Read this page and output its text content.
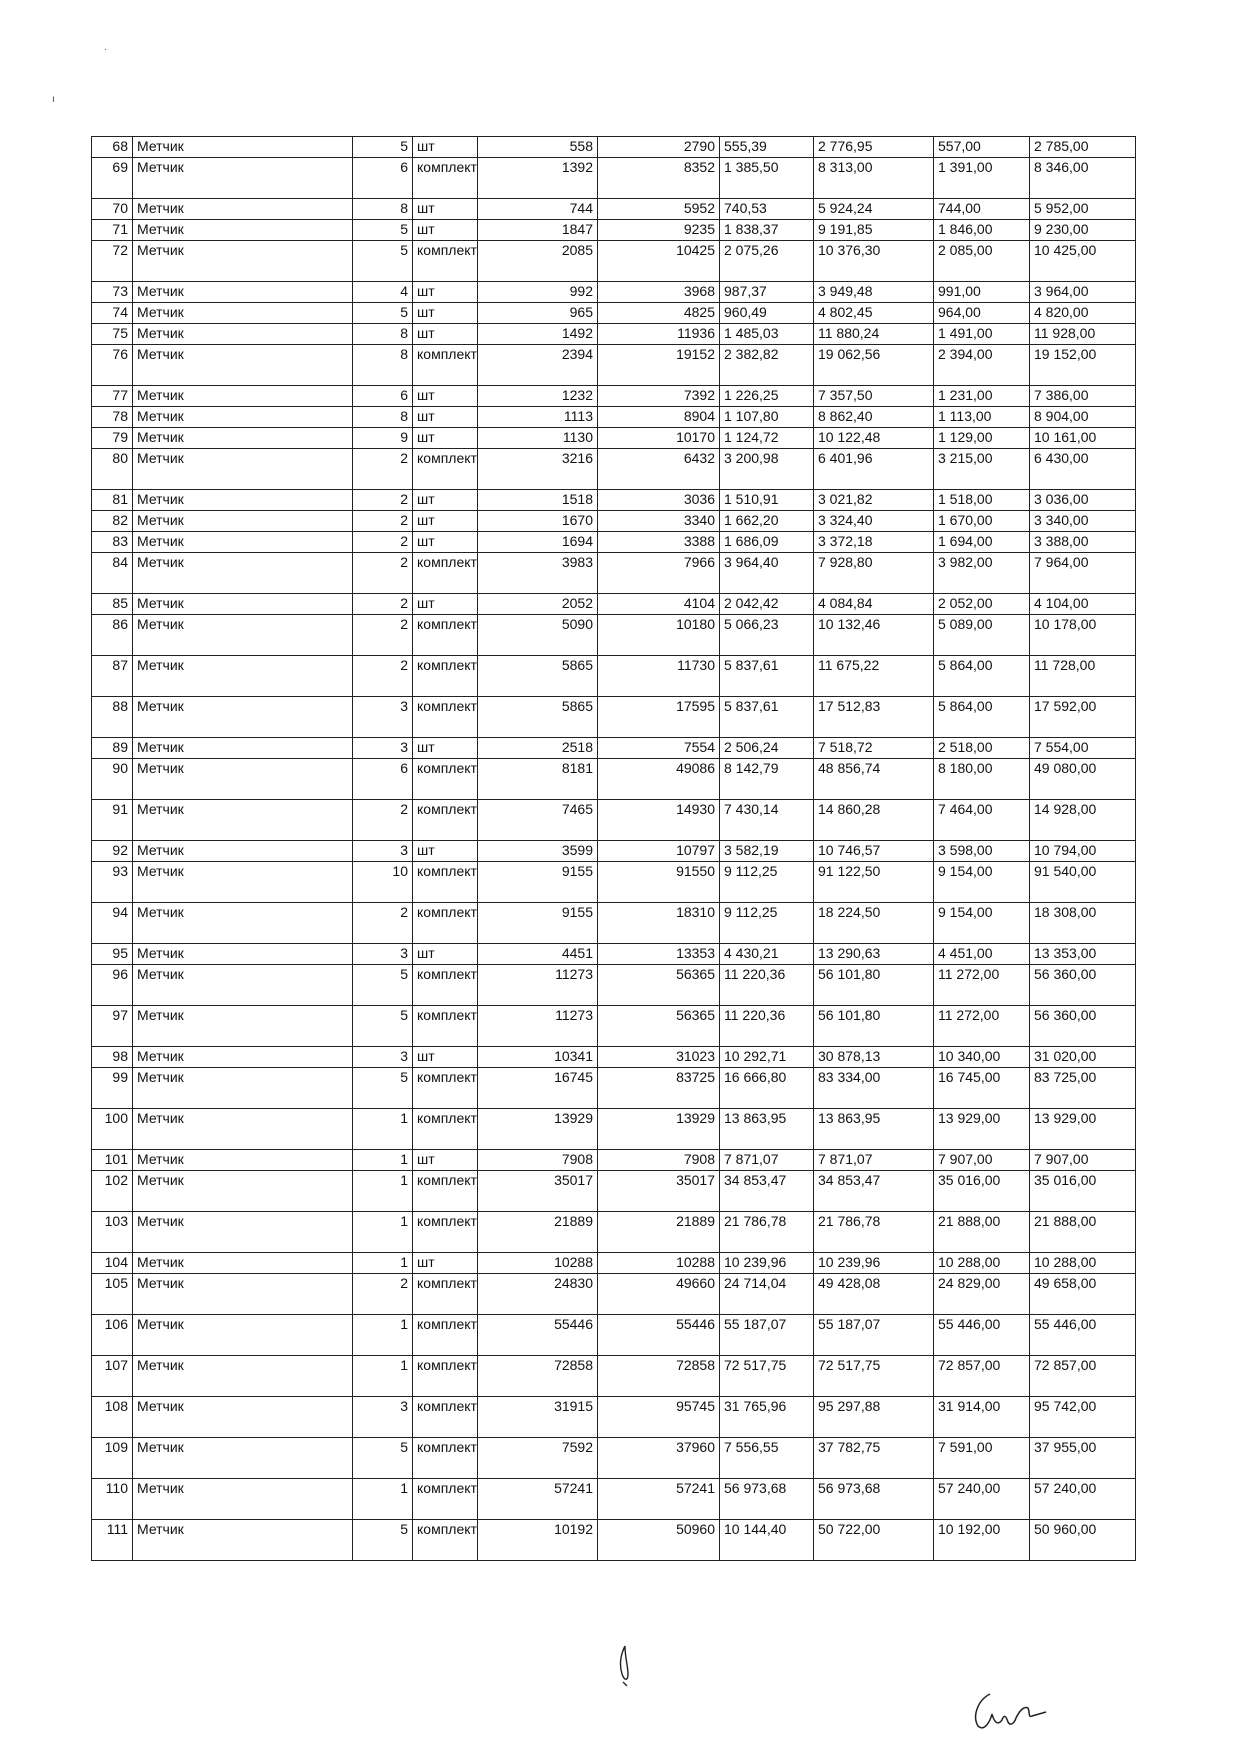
·
ı
68	Метчик	5	шт	558	2790	555,39	2 776,95	557,00	2 785,00
69	Метчик	6	комплект	1392	8352	1 385,50	8 313,00	1 391,00	8 346,00
70	Метчик	8	шт	744	5952	740,53	5 924,24	744,00	5 952,00
71	Метчик	5	шт	1847	9235	1 838,37	9 191,85	1 846,00	9 230,00
72	Метчик	5	комплект	2085	10425	2 075,26	10 376,30	2 085,00	10 425,00
73	Метчик	4	шт	992	3968	987,37	3 949,48	991,00	3 964,00
74	Метчик	5	шт	965	4825	960,49	4 802,45	964,00	4 820,00
75	Метчик	8	шт	1492	11936	1 485,03	11 880,24	1 491,00	11 928,00
76	Метчик	8	комплект	2394	19152	2 382,82	19 062,56	2 394,00	19 152,00
77	Метчик	6	шт	1232	7392	1 226,25	7 357,50	1 231,00	7 386,00
78	Метчик	8	шт	1113	8904	1 107,80	8 862,40	1 113,00	8 904,00
79	Метчик	9	шт	1130	10170	1 124,72	10 122,48	1 129,00	10 161,00
80	Метчик	2	комплект	3216	6432	3 200,98	6 401,96	3 215,00	6 430,00
81	Метчик	2	шт	1518	3036	1 510,91	3 021,82	1 518,00	3 036,00
82	Метчик	2	шт	1670	3340	1 662,20	3 324,40	1 670,00	3 340,00
83	Метчик	2	шт	1694	3388	1 686,09	3 372,18	1 694,00	3 388,00
84	Метчик	2	комплект	3983	7966	3 964,40	7 928,80	3 982,00	7 964,00
85	Метчик	2	шт	2052	4104	2 042,42	4 084,84	2 052,00	4 104,00
86	Метчик	2	комплект	5090	10180	5 066,23	10 132,46	5 089,00	10 178,00
87	Метчик	2	комплект	5865	11730	5 837,61	11 675,22	5 864,00	11 728,00
88	Метчик	3	комплект	5865	17595	5 837,61	17 512,83	5 864,00	17 592,00
89	Метчик	3	шт	2518	7554	2 506,24	7 518,72	2 518,00	7 554,00
90	Метчик	6	комплект	8181	49086	8 142,79	48 856,74	8 180,00	49 080,00
91	Метчик	2	комплект	7465	14930	7 430,14	14 860,28	7 464,00	14 928,00
92	Метчик	3	шт	3599	10797	3 582,19	10 746,57	3 598,00	10 794,00
93	Метчик	10	комплект	9155	91550	9 112,25	91 122,50	9 154,00	91 540,00
94	Метчик	2	комплект	9155	18310	9 112,25	18 224,50	9 154,00	18 308,00
95	Метчик	3	шт	4451	13353	4 430,21	13 290,63	4 451,00	13 353,00
96	Метчик	5	комплект	11273	56365	11 220,36	56 101,80	11 272,00	56 360,00
97	Метчик	5	комплект	11273	56365	11 220,36	56 101,80	11 272,00	56 360,00
98	Метчик	3	шт	10341	31023	10 292,71	30 878,13	10 340,00	31 020,00
99	Метчик	5	комплект	16745	83725	16 666,80	83 334,00	16 745,00	83 725,00
100	Метчик	1	комплект	13929	13929	13 863,95	13 863,95	13 929,00	13 929,00
101	Метчик	1	шт	7908	7908	7 871,07	7 871,07	7 907,00	7 907,00
102	Метчик	1	комплект	35017	35017	34 853,47	34 853,47	35 016,00	35 016,00
103	Метчик	1	комплект	21889	21889	21 786,78	21 786,78	21 888,00	21 888,00
104	Метчик	1	шт	10288	10288	10 239,96	10 239,96	10 288,00	10 288,00
105	Метчик	2	комплект	24830	49660	24 714,04	49 428,08	24 829,00	49 658,00
106	Метчик	1	комплект	55446	55446	55 187,07	55 187,07	55 446,00	55 446,00
107	Метчик	1	комплект	72858	72858	72 517,75	72 517,75	72 857,00	72 857,00
108	Метчик	3	комплект	31915	95745	31 765,96	95 297,88	31 914,00	95 742,00
109	Метчик	5	комплект	7592	37960	7 556,55	37 782,75	7 591,00	37 955,00
110	Метчик	1	комплект	57241	57241	56 973,68	56 973,68	57 240,00	57 240,00
111	Метчик	5	комплект	10192	50960	10 144,40	50 722,00	10 192,00	50 960,00
